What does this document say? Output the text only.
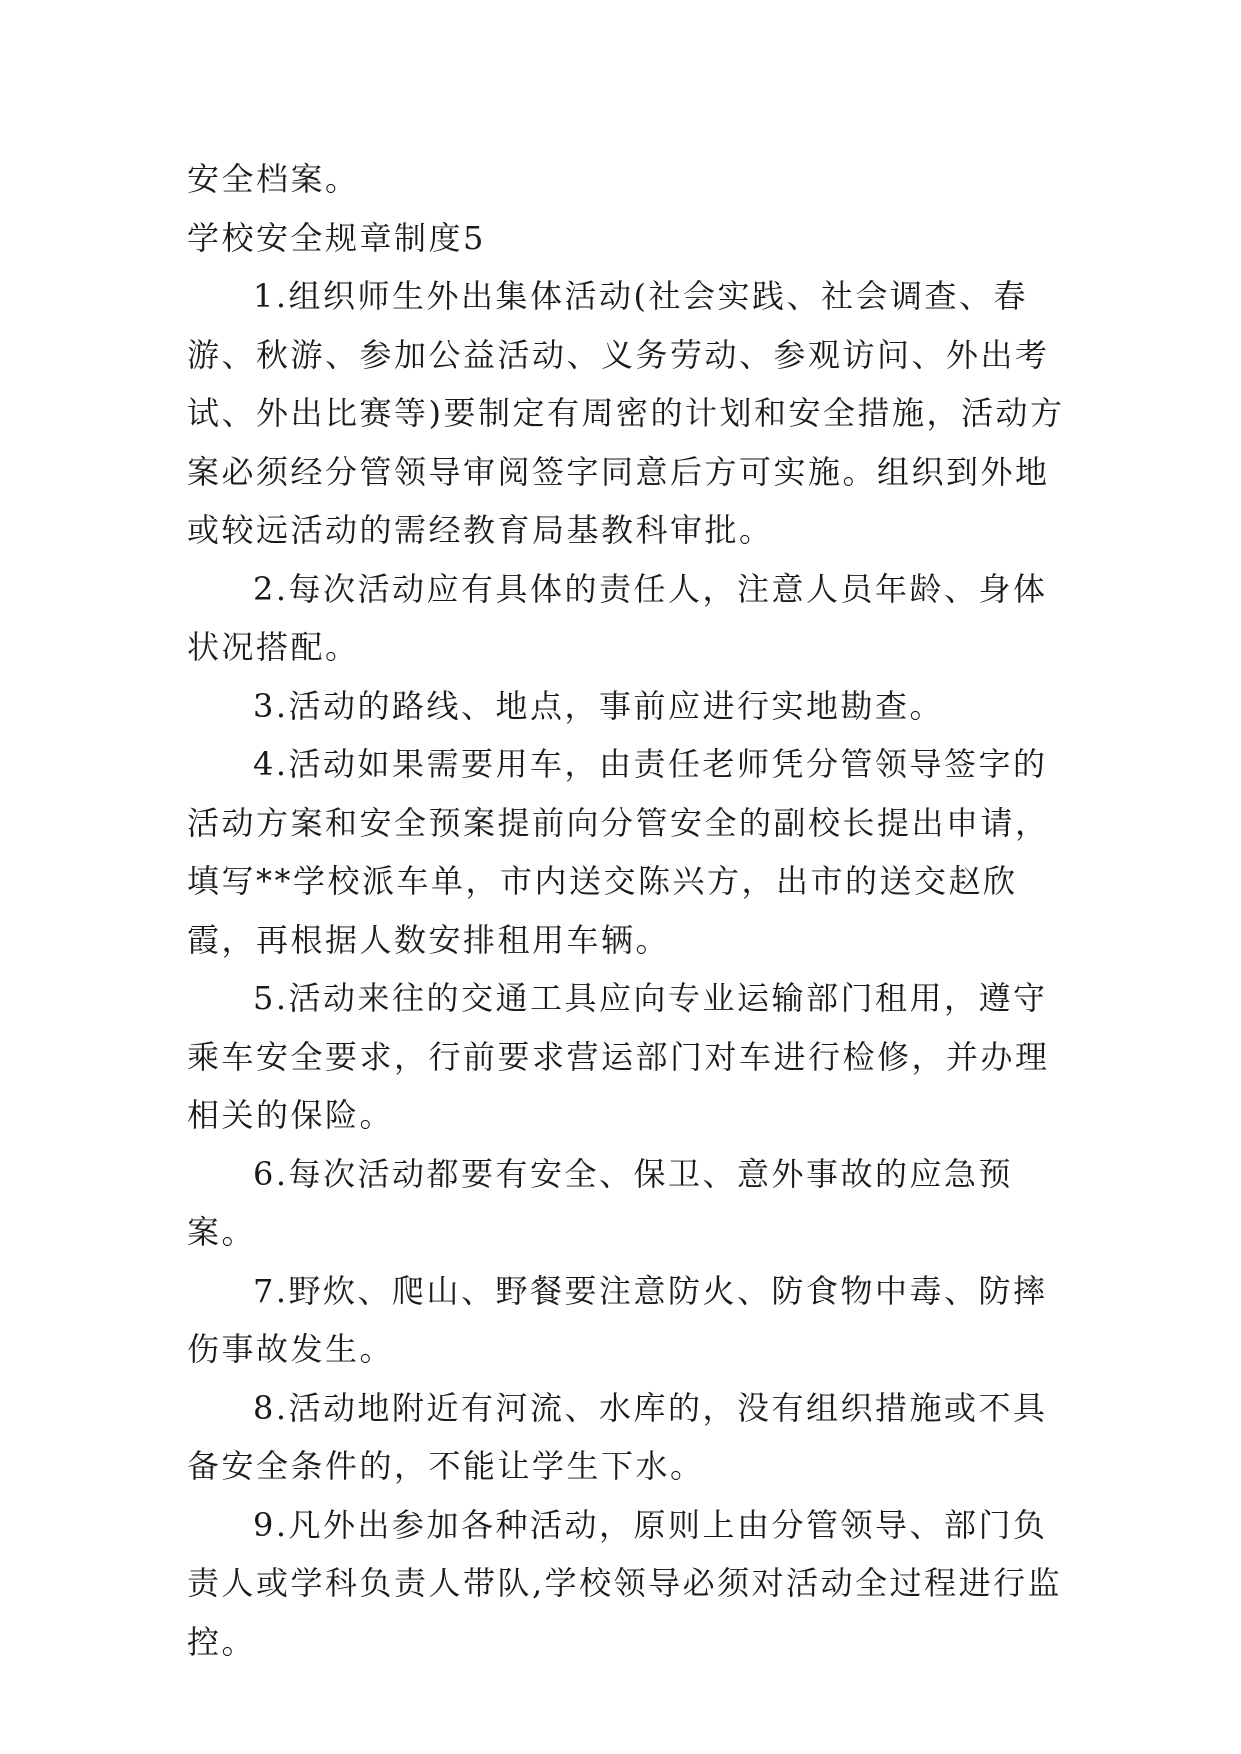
安全档案。

学校安全规章制度5

1.组织师生外出集体活动(社会实践、社会调查、春游、秋游、参加公益活动、义务劳动、参观访问、外出考试、外出比赛等)要制定有周密的计划和安全措施，活动方案必须经分管领导审阅签字同意后方可实施。组织到外地或较远活动的需经教育局基教科审批。

2.每次活动应有具体的责任人，注意人员年龄、身体状况搭配。

3.活动的路线、地点，事前应进行实地勘查。

4.活动如果需要用车，由责任老师凭分管领导签字的活动方案和安全预案提前向分管安全的副校长提出申请，填写**学校派车单，市内送交陈兴方，出市的送交赵欣霞，再根据人数安排租用车辆。

5.活动来往的交通工具应向专业运输部门租用，遵守乘车安全要求，行前要求营运部门对车进行检修，并办理相关的保险。

6.每次活动都要有安全、保卫、意外事故的应急预案。

7.野炊、爬山、野餐要注意防火、防食物中毒、防摔伤事故发生。

8.活动地附近有河流、水库的，没有组织措施或不具备安全条件的，不能让学生下水。

9.凡外出参加各种活动，原则上由分管领导、部门负责人或学科负责人带队,学校领导必须对活动全过程进行监控。
